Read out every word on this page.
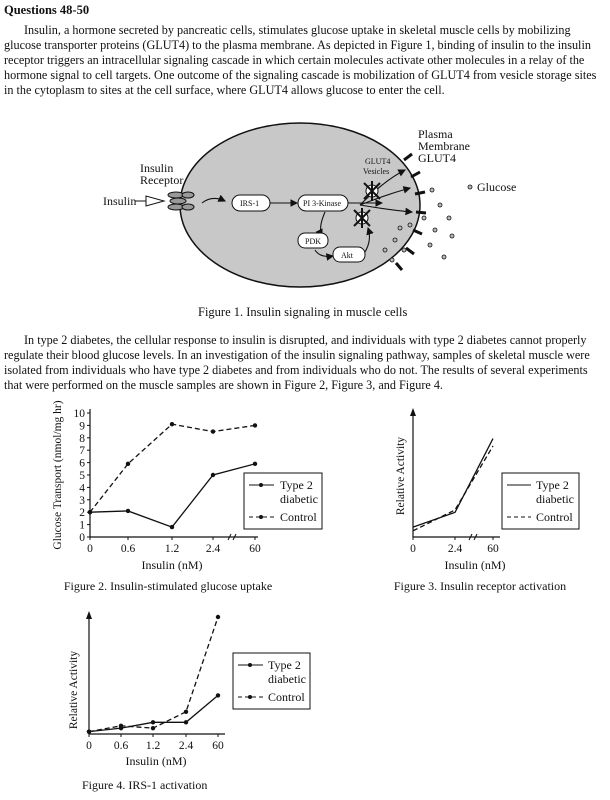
Questions 48-50

Insulin, a hormone secreted by pancreatic cells, stimulates glucose uptake in skeletal muscle cells by mobilizing glucose transporter proteins (GLUT4) to the plasma membrane. As depicted in Figure 1, binding of insulin to the insulin receptor triggers an intracellular signaling cascade in which certain molecules activate other molecules in a relay of the hormone signal to cell targets. One outcome of the signaling cascade is mobilization of GLUT4 from vesicle storage sites in the cytoplasm to sites at the cell surface, where GLUT4 allows glucose to enter the cell.

Plasma
Membrane
GLUT4
Insulin
Receptor
Insulin
Glucose
GLUT4
Vesicles
IRS-1	PI 3-Kinase
PDK
Akt
Figure 1. Insulin signaling in muscle cells

In type 2 diabetes, the cellular response to insulin is disrupted, and individuals with type 2 diabetes cannot properly regulate their blood glucose levels. In an investigation of the insulin signaling pathway, samples of skeletal muscle were isolated from individuals who have type 2 diabetes and from individuals who do not. The results of several experiments that were performed on the muscle samples are shown in Figure 2, Figure 3, and Figure 4.

0
1
2
3
4
5
6
7
8
9
10
0 0.6	1.2 2.4	60
Glucose Transport (nmol/mg hr)
Insulin (nM)
Figure 2. Insulin-stimulated glucose uptake
Type 2
diabetic
Control
0	2.4 60
Relative Activity
Insulin (nM)
Figure 3. Insulin receptor activation
Type 2
diabetic
Control
0 0.6 1.2 2.4 60
Relative Activity
Insulin (nM)
Figure 4. IRS-1 activation
Type 2
diabetic
Control
